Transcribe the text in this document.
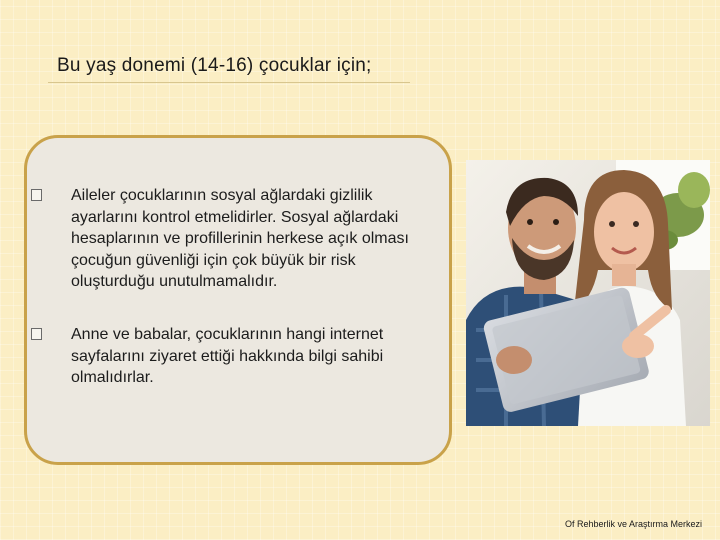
Bu yaş donemi (14-16) çocuklar için;
Aileler çocuklarının sosyal ağlardaki gizlilik ayarlarını kontrol etmelidirler. Sosyal ağlardaki hesaplarının ve profillerinin herkese açık olması çocuğun güvenliği için çok büyük bir risk oluşturduğu unutulmamalıdır.
Anne ve babalar, çocuklarının hangi internet sayfalarını ziyaret ettiği hakkında bilgi sahibi olmalıdırlar.
Of Rehberlik ve Araştırma Merkezi
